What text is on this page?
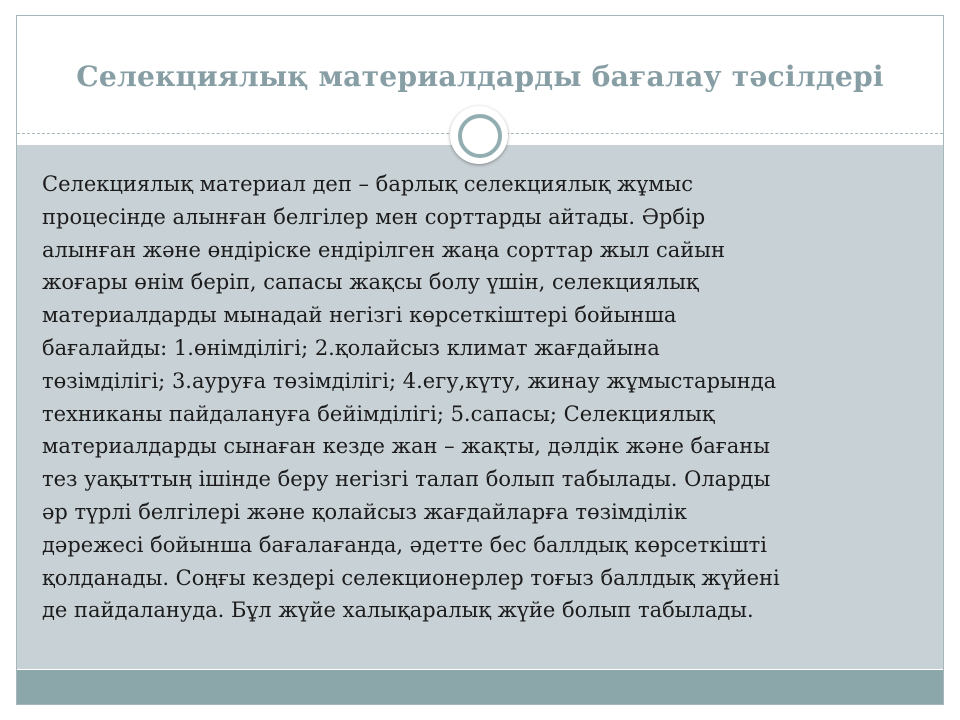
Селекциялық материалдарды бағалау тәсілдері

Селекциялық материал деп – барлық селекциялық жұмыс
процесінде алынған белгілер мен сорттарды айтады. Әрбір
алынған және өндіріске ендірілген жаңа сорттар жыл сайын
жоғары өнім беріп, сапасы жақсы болу үшін, селекциялық
материалдарды мынадай негізгі көрсеткіштері бойынша
бағалайды: 1.өнімділігі; 2.қолайсыз климат жағдайына
төзімділігі; 3.ауруға төзімділігі; 4.егу,күту, жинау жұмыстарында
техниканы пайдалануға бейімділігі; 5.сапасы; Селекциялық
материалдарды сынаған кезде жан – жақты, дәлдік және бағаны
тез уақыттың ішінде беру негізгі талап болып табылады. Оларды
әр түрлі белгілері және қолайсыз жағдайларға төзімділік
дәрежесі бойынша бағалағанда, әдетте бес баллдық көрсеткішті
қолданады. Соңғы кездері селекционерлер тоғыз баллдық жүйені
де пайдалануда. Бұл жүйе халықаралық жүйе болып табылады.
